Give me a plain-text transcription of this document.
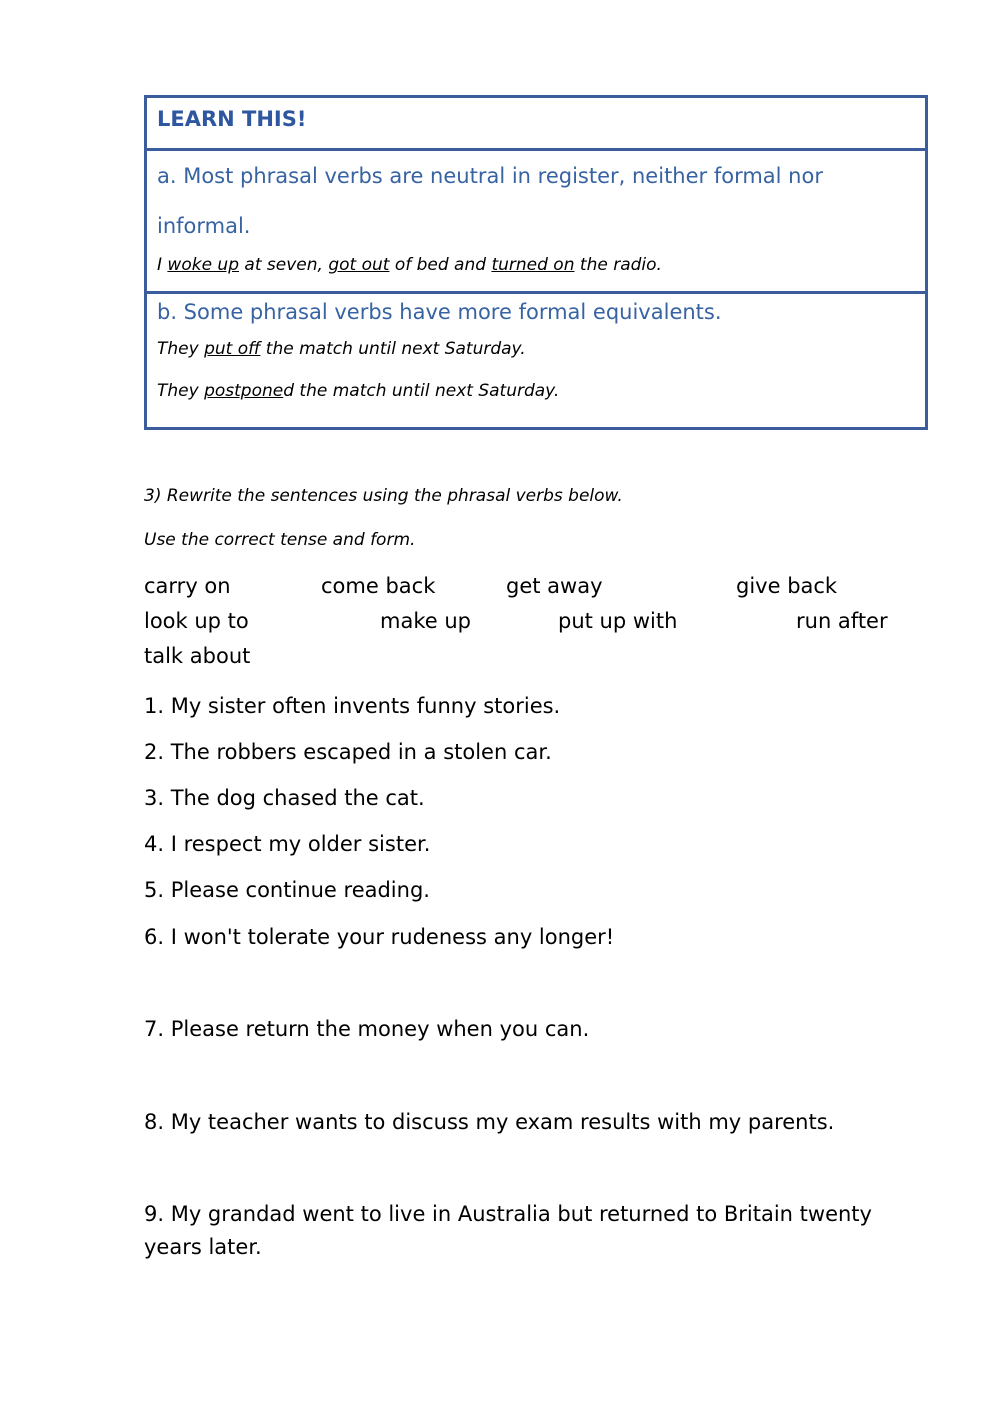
LEARN THIS!
a. Most phrasal verbs are neutral in register, neither formal nor informal.
I woke up at seven, got out of bed and turned on the radio.
b. Some phrasal verbs have more formal equivalents.
They put off the match until next Saturday.
They postponed the match until next Saturday.
3) Rewrite the sentences using the phrasal verbs below.
Use the correct tense and form.
carry on	come back	get away	give back
look up to	make up	put up with	run after
talk about
1. My sister often invents funny stories.
2. The robbers escaped in a stolen car.
3. The dog chased the cat.
4. I respect my older sister.
5. Please continue reading.
6. I won't tolerate your rudeness any longer!
7. Please return the money when you can.
8. My teacher wants to discuss my exam results with my parents.
9. My grandad went to live in Australia but returned to Britain twenty years later.
